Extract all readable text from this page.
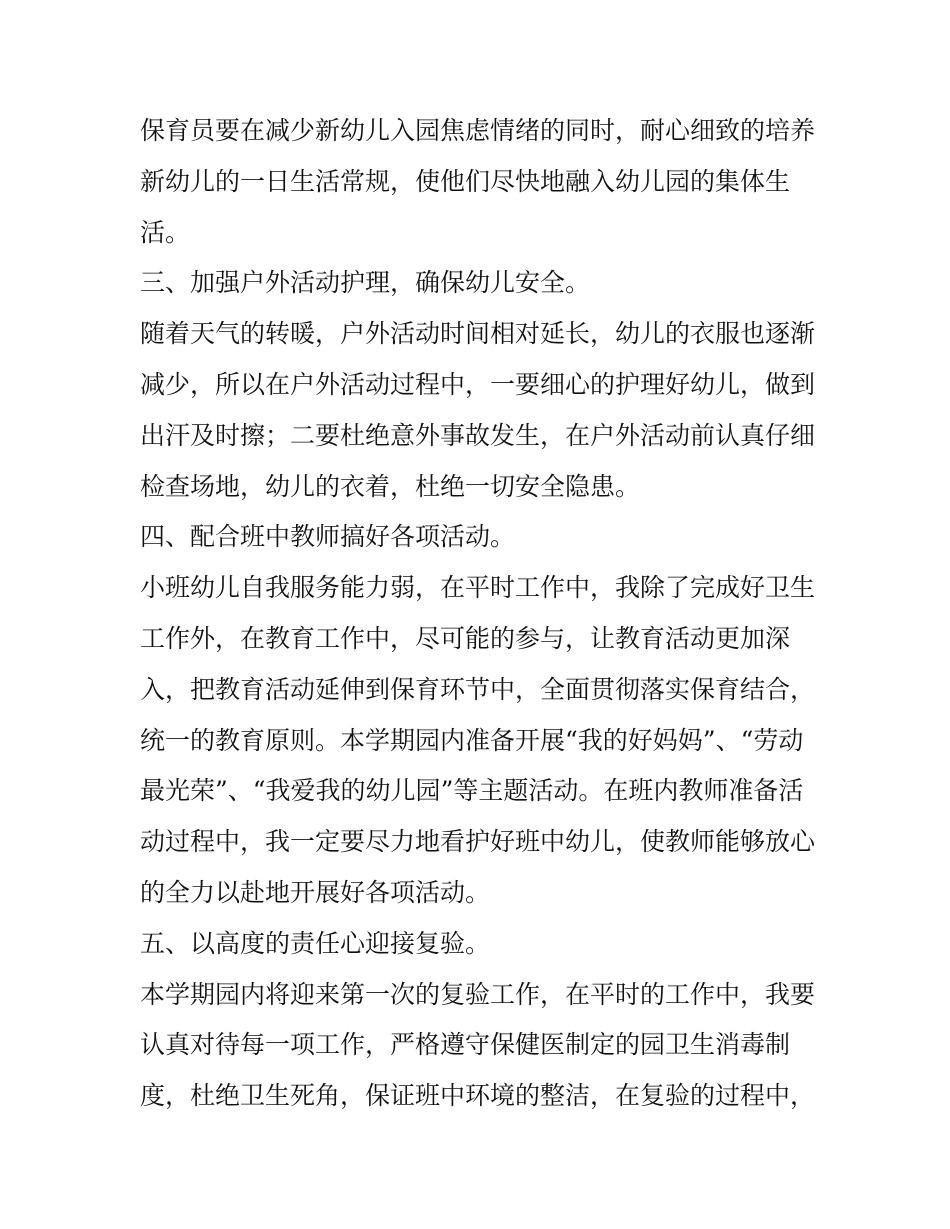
保育员要在减少新幼儿入园焦虑情绪的同时，耐心细致的培养
新幼儿的一日生活常规，使他们尽快地融入幼儿园的集体生
活。
三、加强户外活动护理，确保幼儿安全。
随着天气的转暖，户外活动时间相对延长，幼儿的衣服也逐渐
减少，所以在户外活动过程中，一要细心的护理好幼儿，做到
出汗及时擦；二要杜绝意外事故发生，在户外活动前认真仔细
检查场地，幼儿的衣着，杜绝一切安全隐患。
四、配合班中教师搞好各项活动。
小班幼儿自我服务能力弱，在平时工作中，我除了完成好卫生
工作外，在教育工作中，尽可能的参与，让教育活动更加深
入，把教育活动延伸到保育环节中，全面贯彻落实保育结合，
统一的教育原则。本学期园内准备开展“我的好妈妈”、“劳动
最光荣”、“我爱我的幼儿园”等主题活动。在班内教师准备活
动过程中，我一定要尽力地看护好班中幼儿，使教师能够放心
的全力以赴地开展好各项活动。
五、以高度的责任心迎接复验。
本学期园内将迎来第一次的复验工作，在平时的工作中，我要
认真对待每一项工作，严格遵守保健医制定的园卫生消毒制
度，杜绝卫生死角，保证班中环境的整洁，在复验的过程中，
